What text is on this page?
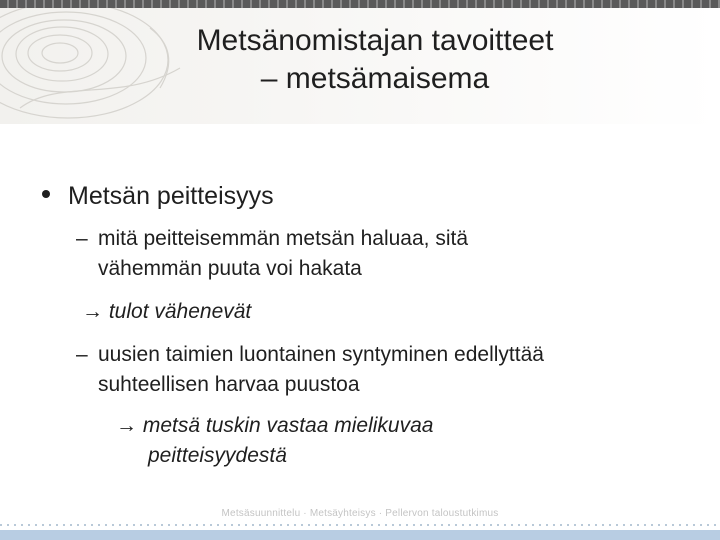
Metsänomistajan tavoitteet
– metsämaisema
Metsän peitteisyys
– mitä peitteisemmän metsän haluaa, sitä
vähemmän puuta voi hakata
→ tulot vähenevät
– uusien taimien luontainen syntyminen edellyttää
suhteellisen harvaa puustoa
→ metsä tuskin vastaa mielikuvaa
peitteisyydestä
Metsäsuunnittelu · Metsäyhteisys · Pellervon taloustutkimus
